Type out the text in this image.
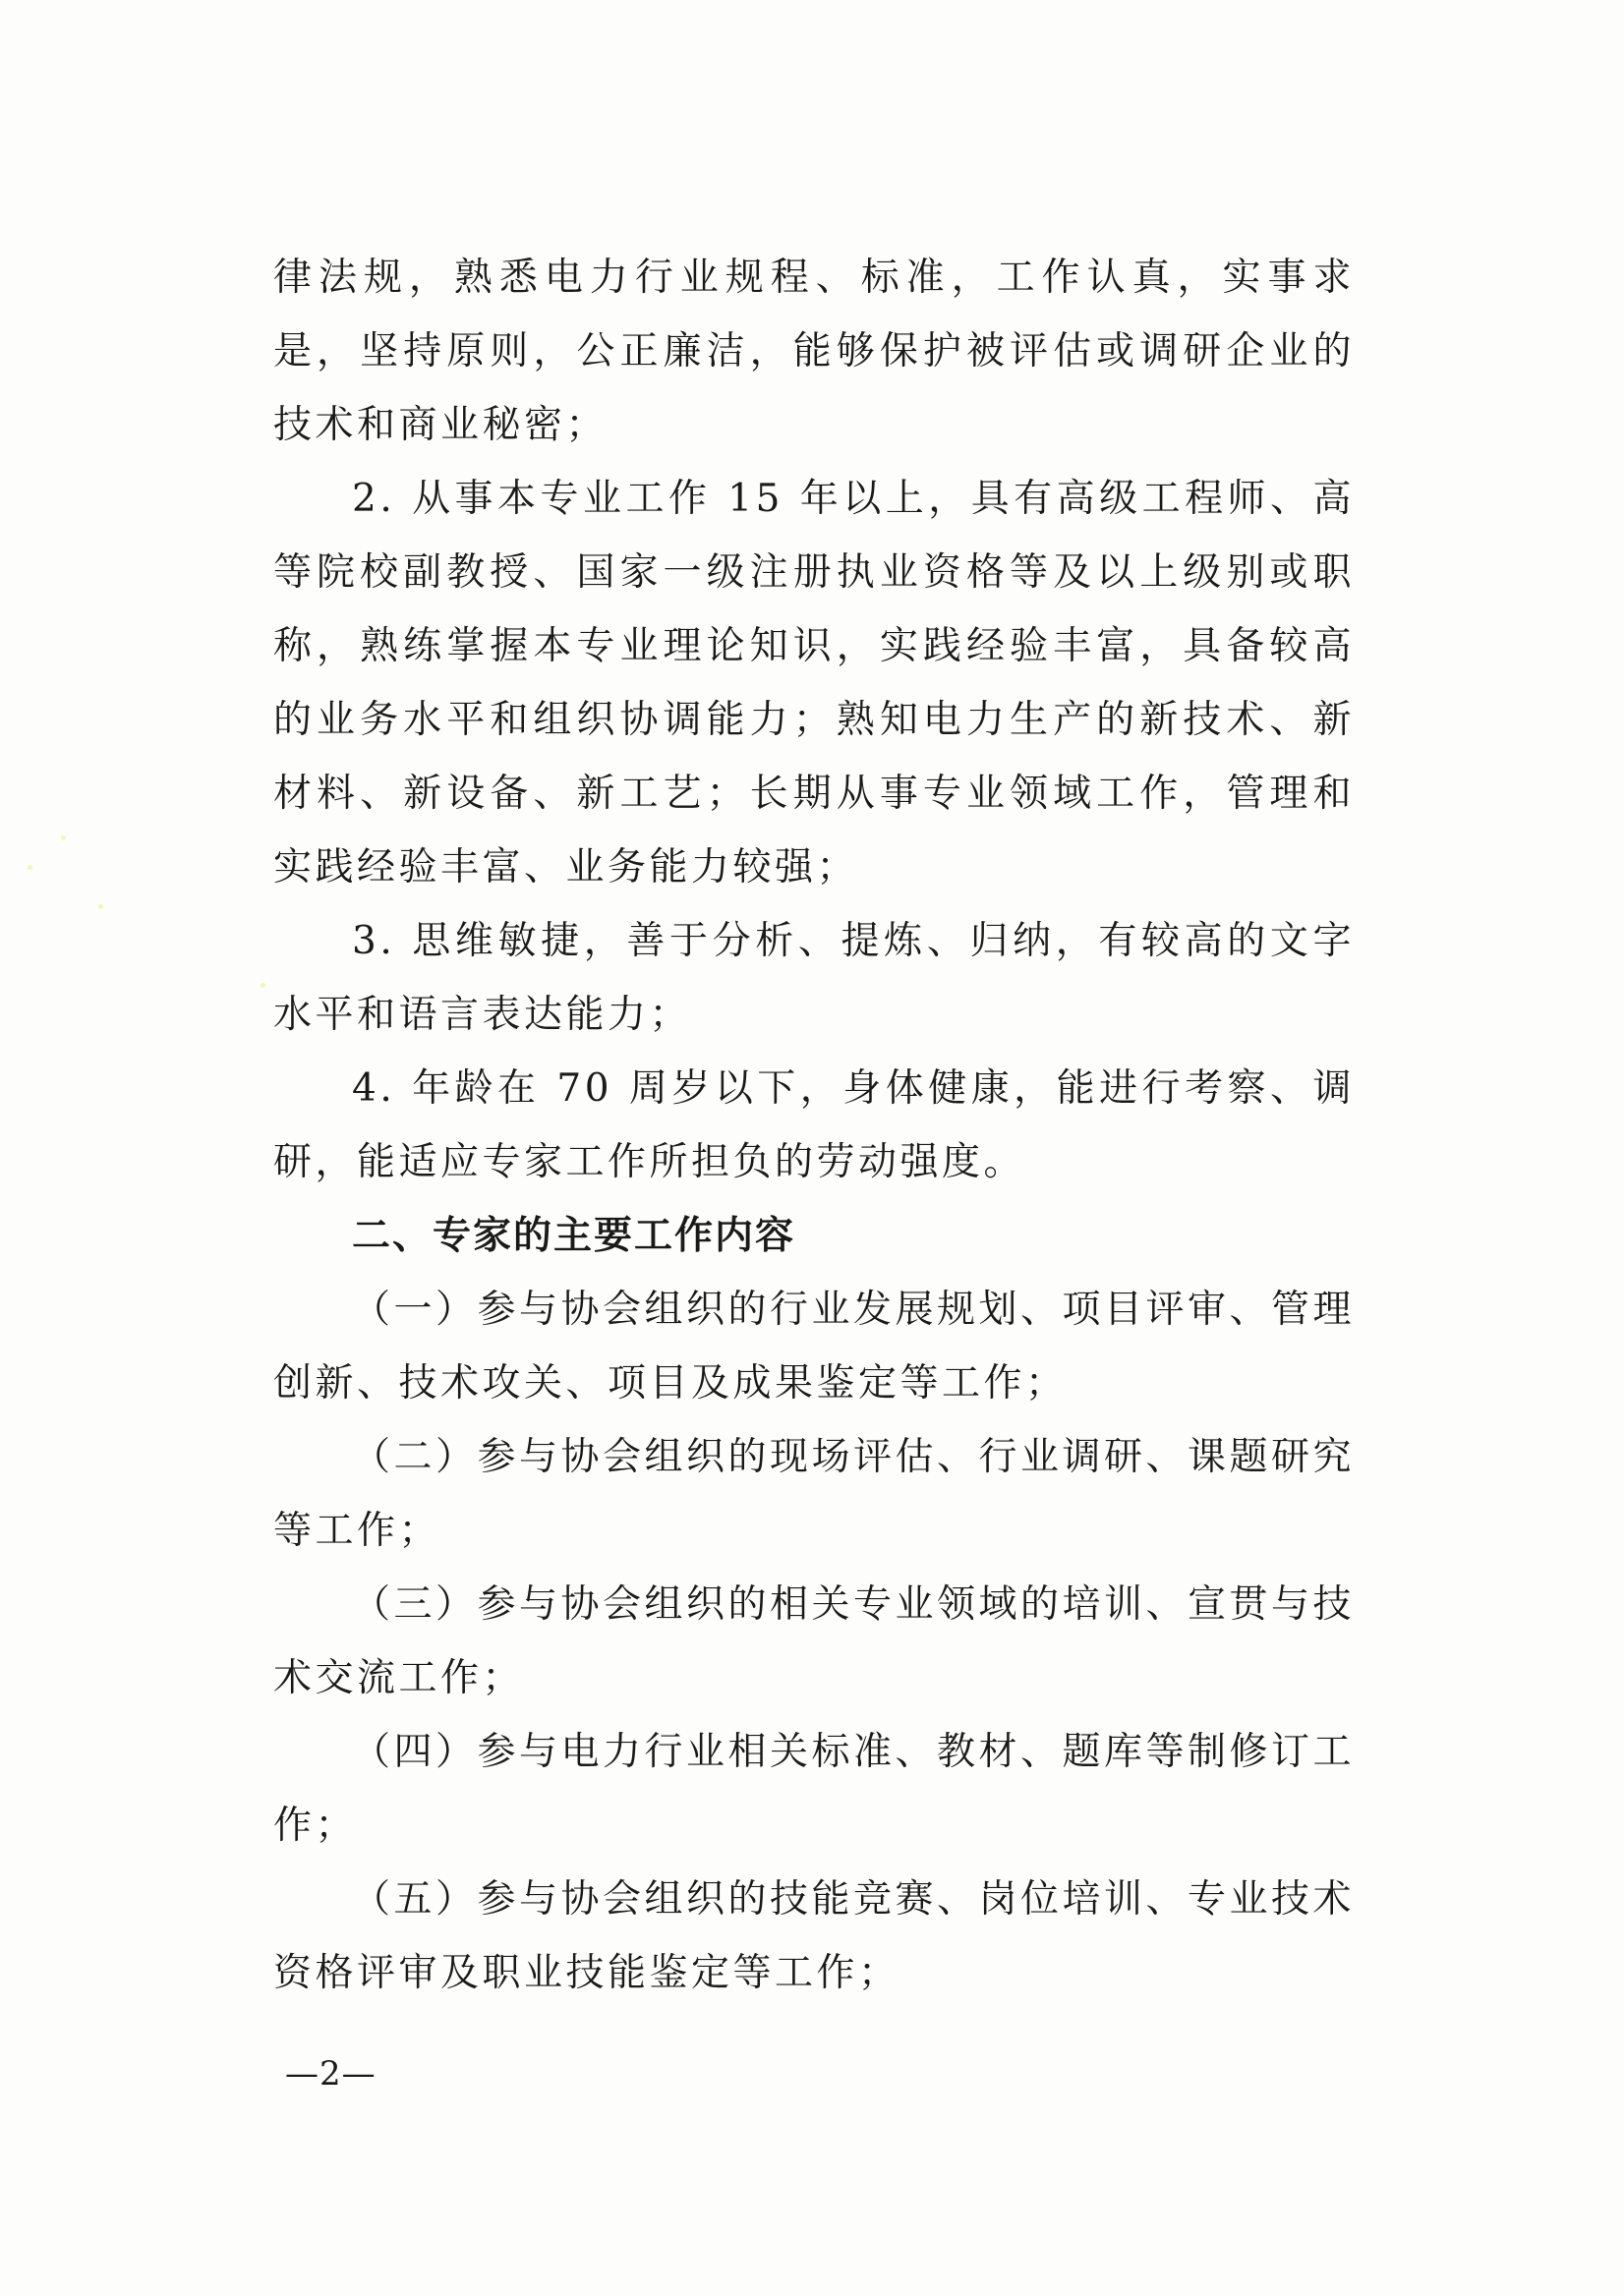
律法规，熟悉电力行业规程、标准，工作认真，实事求是，坚持原则，公正廉洁，能够保护被评估或调研企业的技术和商业秘密；

2. 从事本专业工作 15 年以上，具有高级工程师、高等院校副教授、国家一级注册执业资格等及以上级别或职称，熟练掌握本专业理论知识，实践经验丰富，具备较高的业务水平和组织协调能力；熟知电力生产的新技术、新材料、新设备、新工艺；长期从事专业领域工作，管理和实践经验丰富、业务能力较强；

3. 思维敏捷，善于分析、提炼、归纳，有较高的文字水平和语言表达能力；

4. 年龄在 70 周岁以下，身体健康，能进行考察、调研，能适应专家工作所担负的劳动强度。

二、专家的主要工作内容

（一）参与协会组织的行业发展规划、项目评审、管理创新、技术攻关、项目及成果鉴定等工作；

（二）参与协会组织的现场评估、行业调研、课题研究等工作；

（三）参与协会组织的相关专业领域的培训、宣贯与技术交流工作；

（四）参与电力行业相关标准、教材、题库等制修订工作；

（五）参与协会组织的技能竞赛、岗位培训、专业技术资格评审及职业技能鉴定等工作；

—2—
